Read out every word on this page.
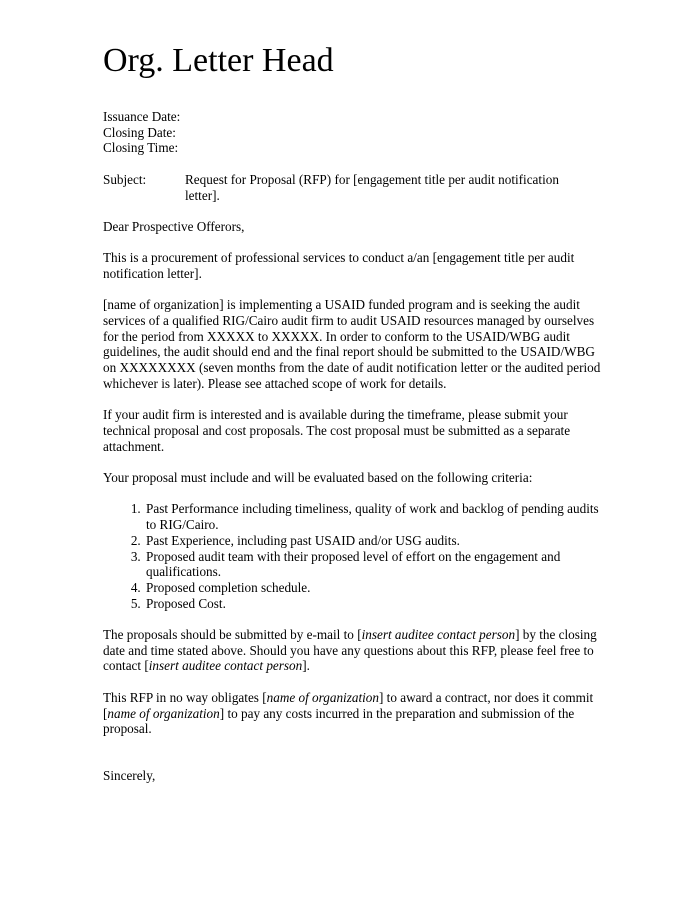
Org. Letter Head
Issuance Date:
Closing Date:
Closing Time:
Subject:	Request for Proposal (RFP) for [engagement title per audit notification letter].

Dear Prospective Offerors,

This is a procurement of professional services to conduct a/an [engagement title per audit notification letter].

[name of organization] is implementing a USAID funded program and is seeking the audit services of a qualified RIG/Cairo audit firm to audit USAID resources managed by ourselves for the period from XXXXX to XXXXX. In order to conform to the USAID/WBG audit guidelines, the audit should end and the final report should be submitted to the USAID/WBG on XXXXXXXX (seven months from the date of audit notification letter or the audited period whichever is later). Please see attached scope of work for details.

If your audit firm is interested and is available during the timeframe, please submit your technical proposal and cost proposals. The cost proposal must be submitted as a separate attachment.

Your proposal must include and will be evaluated based on the following criteria:

1. Past Performance including timeliness, quality of work and backlog of pending audits to RIG/Cairo.
2. Past Experience, including past USAID and/or USG audits.
3. Proposed audit team with their proposed level of effort on the engagement and qualifications.
4. Proposed completion schedule.
5. Proposed Cost.

The proposals should be submitted by e-mail to [insert auditee contact person] by the closing date and time stated above. Should you have any questions about this RFP, please feel free to contact [insert auditee contact person].

This RFP in no way obligates [name of organization] to award a contract, nor does it commit [name of organization] to pay any costs incurred in the preparation and submission of the proposal.

Sincerely,
